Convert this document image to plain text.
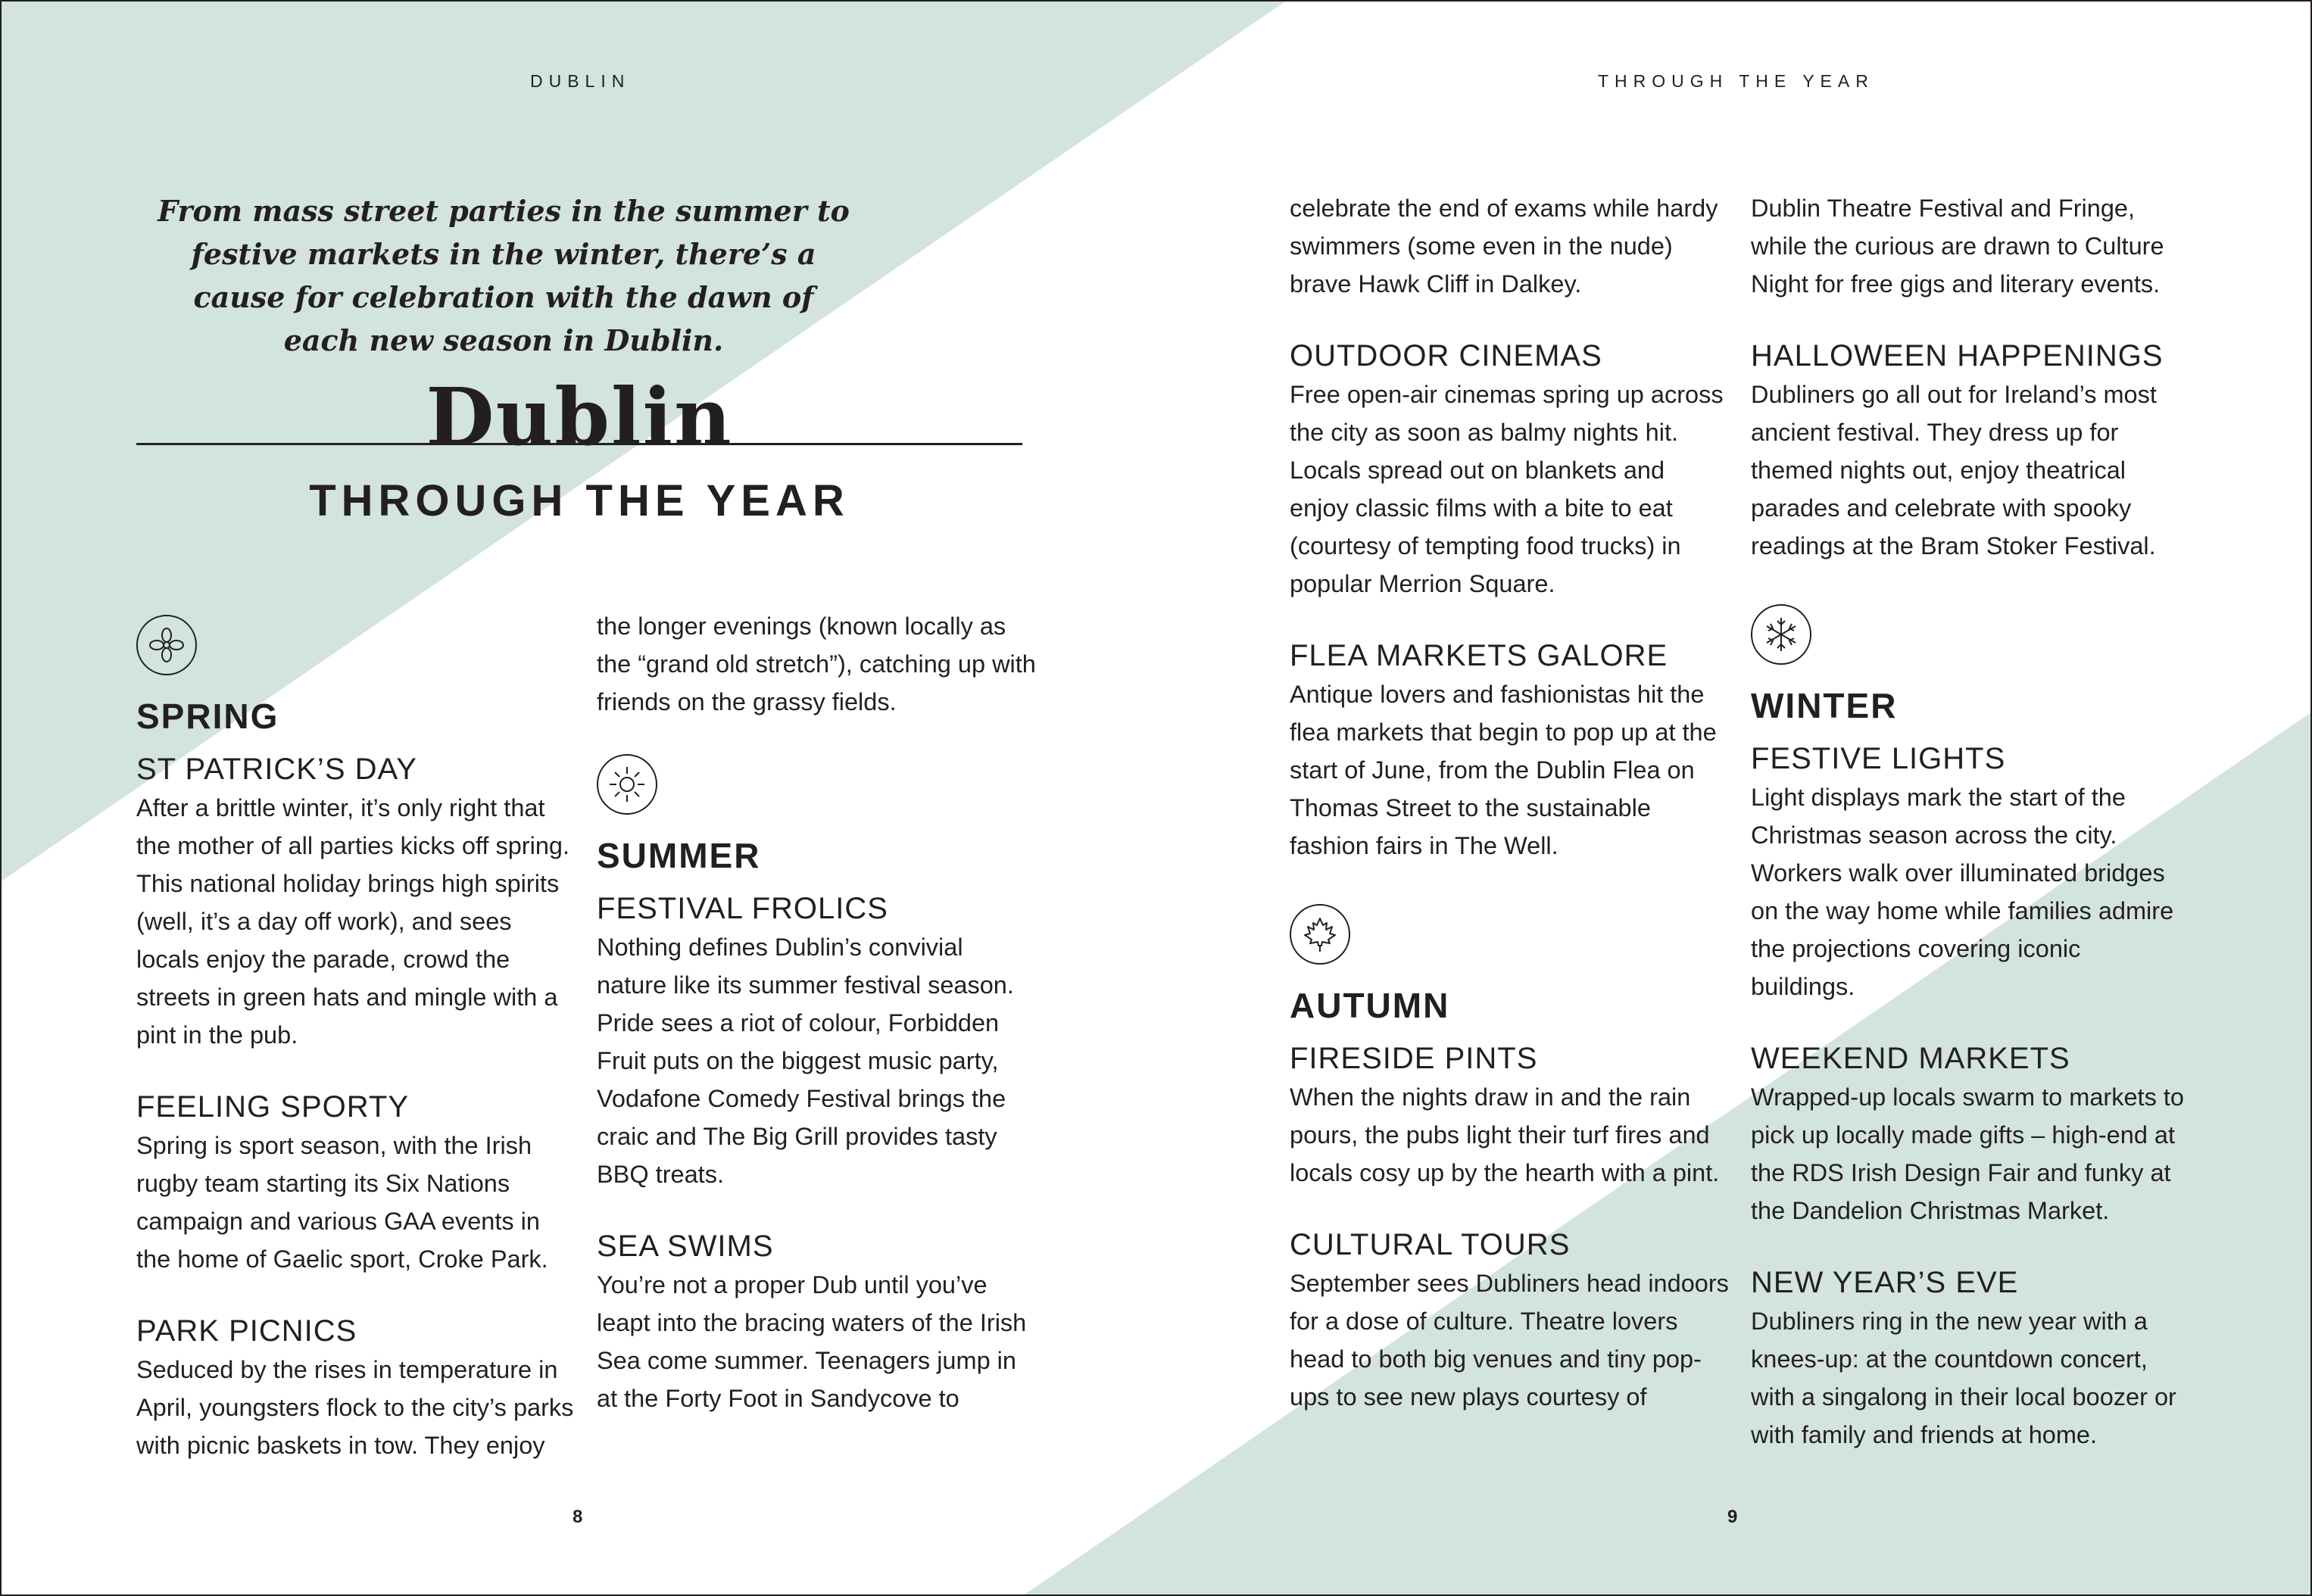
DUBLIN
8
From mass street parties in the summer to festive markets in the winter, there’s a cause for celebration with the dawn of each new season in Dublin.
Dublin
THROUGH THE YEAR
SPRING
ST PATRICK’S DAY
After a brittle winter, it’s only right that the mother of all parties kicks off spring. This national holiday brings high spirits (well, it’s a day off work), and sees locals enjoy the parade, crowd the streets in green hats and mingle with a pint in the pub.
FEELING SPORTY
Spring is sport season, with the Irish rugby team starting its Six Nations campaign and various GAA events in the home of Gaelic sport, Croke Park.
PARK PICNICS
Seduced by the rises in temperature in April, youngsters flock to the city’s parks with picnic baskets in tow. They enjoy
the longer evenings (known locally as the “grand old stretch”), catching up with friends on the grassy fields.
SUMMER
FESTIVAL FROLICS
Nothing defines Dublin’s convivial nature like its summer festival season. Pride sees a riot of colour, Forbidden Fruit puts on the biggest music party, Vodafone Comedy Festival brings the craic and The Big Grill provides tasty BBQ treats.
SEA SWIMS
You’re not a proper Dub until you’ve leapt into the bracing waters of the Irish Sea come summer. Teenagers jump in at the Forty Foot in Sandycove to
THROUGH THE YEAR
9
celebrate the end of exams while hardy swimmers (some even in the nude) brave Hawk Cliff in Dalkey.
OUTDOOR CINEMAS
Free open-air cinemas spring up across the city as soon as balmy nights hit. Locals spread out on blankets and enjoy classic films with a bite to eat (courtesy of tempting food trucks) in popular Merrion Square.
FLEA MARKETS GALORE
Antique lovers and fashionistas hit the flea markets that begin to pop up at the start of June, from the Dublin Flea on Thomas Street to the sustainable fashion fairs in The Well.
AUTUMN
FIRESIDE PINTS
When the nights draw in and the rain pours, the pubs light their turf fires and locals cosy up by the hearth with a pint.
CULTURAL TOURS
September sees Dubliners head indoors for a dose of culture. Theatre lovers head to both big venues and tiny pop-ups to see new plays courtesy of
Dublin Theatre Festival and Fringe, while the curious are drawn to Culture Night for free gigs and literary events.
HALLOWEEN HAPPENINGS
Dubliners go all out for Ireland’s most ancient festival. They dress up for themed nights out, enjoy theatrical parades and celebrate with spooky readings at the Bram Stoker Festival.
WINTER
FESTIVE LIGHTS
Light displays mark the start of the Christmas season across the city. Workers walk over illuminated bridges on the way home while families admire the projections covering iconic buildings.
WEEKEND MARKETS
Wrapped-up locals swarm to markets to pick up locally made gifts – high-end at the RDS Irish Design Fair and funky at the Dandelion Christmas Market.
NEW YEAR’S EVE
Dubliners ring in the new year with a knees-up: at the countdown concert, with a singalong in their local boozer or with family and friends at home.
